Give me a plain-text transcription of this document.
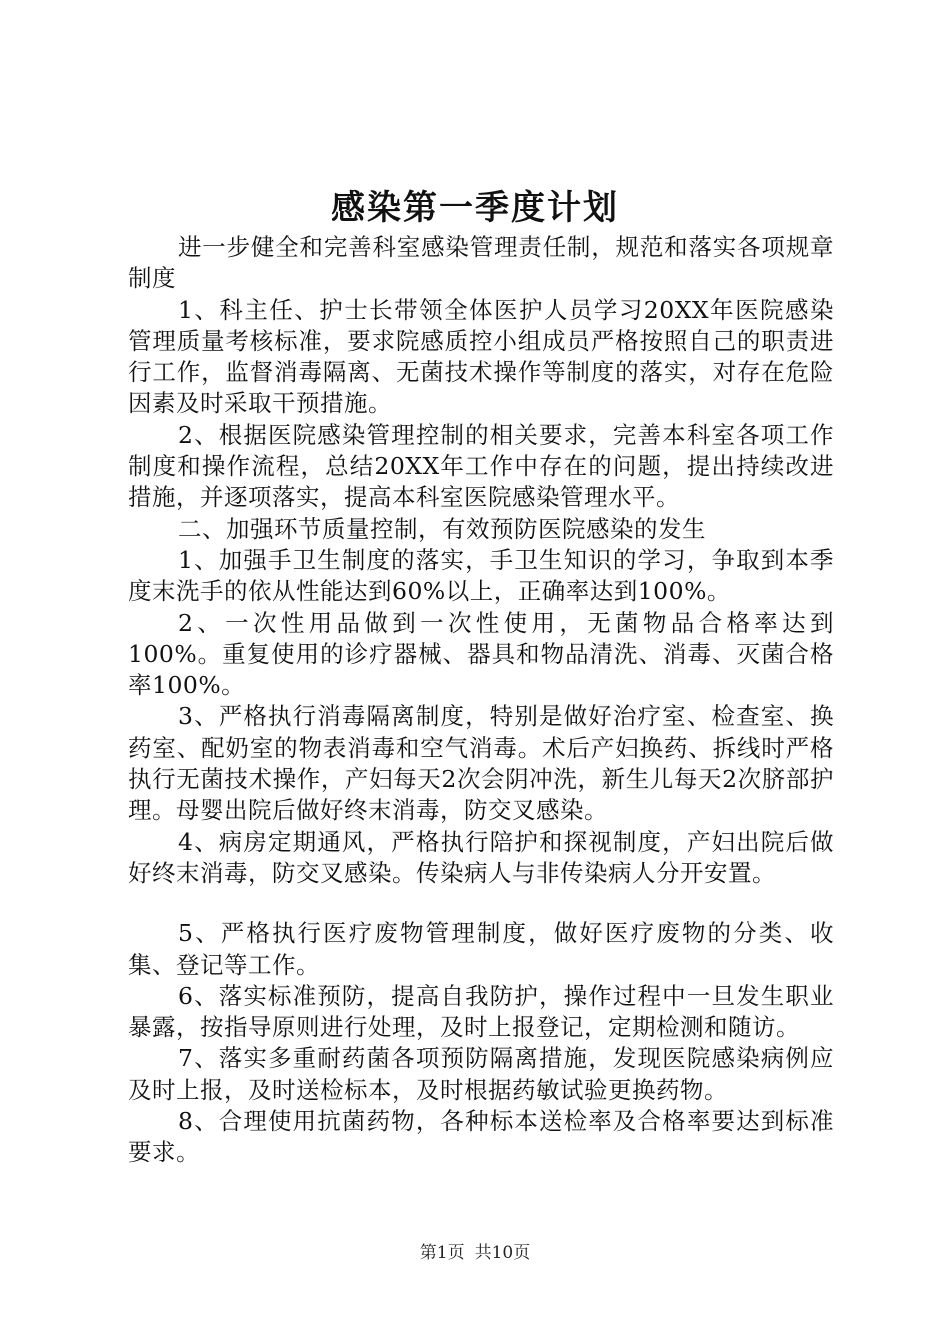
感染第一季度计划

进一步健全和完善科室感染管理责任制，规范和落实各项规章制度

1、科主任、护士长带领全体医护人员学习20XX年医院感染管理质量考核标准，要求院感质控小组成员严格按照自己的职责进行工作，监督消毒隔离、无菌技术操作等制度的落实，对存在危险因素及时采取干预措施。

2、根据医院感染管理控制的相关要求，完善本科室各项工作制度和操作流程，总结20XX年工作中存在的问题，提出持续改进措施，并逐项落实，提高本科室医院感染管理水平。

二、加强环节质量控制，有效预防医院感染的发生

1、加强手卫生制度的落实，手卫生知识的学习，争取到本季度末洗手的依从性能达到60%以上，正确率达到100%。

2、一次性用品做到一次性使用，无菌物品合格率达到100%。重复使用的诊疗器械、器具和物品清洗、消毒、灭菌合格率100%。

3、严格执行消毒隔离制度，特别是做好治疗室、检查室、换药室、配奶室的物表消毒和空气消毒。术后产妇换药、拆线时严格执行无菌技术操作，产妇每天2次会阴冲洗，新生儿每天2次脐部护理。母婴出院后做好终末消毒，防交叉感染。

4、病房定期通风，严格执行陪护和探视制度，产妇出院后做好终末消毒，防交叉感染。传染病人与非传染病人分开安置。

5、严格执行医疗废物管理制度，做好医疗废物的分类、收集、登记等工作。

6、落实标准预防，提高自我防护，操作过程中一旦发生职业暴露，按指导原则进行处理，及时上报登记，定期检测和随访。

7、落实多重耐药菌各项预防隔离措施，发现医院感染病例应及时上报，及时送检标本，及时根据药敏试验更换药物。

8、合理使用抗菌药物，各种标本送检率及合格率要达到标准要求。

第1页 共10页
